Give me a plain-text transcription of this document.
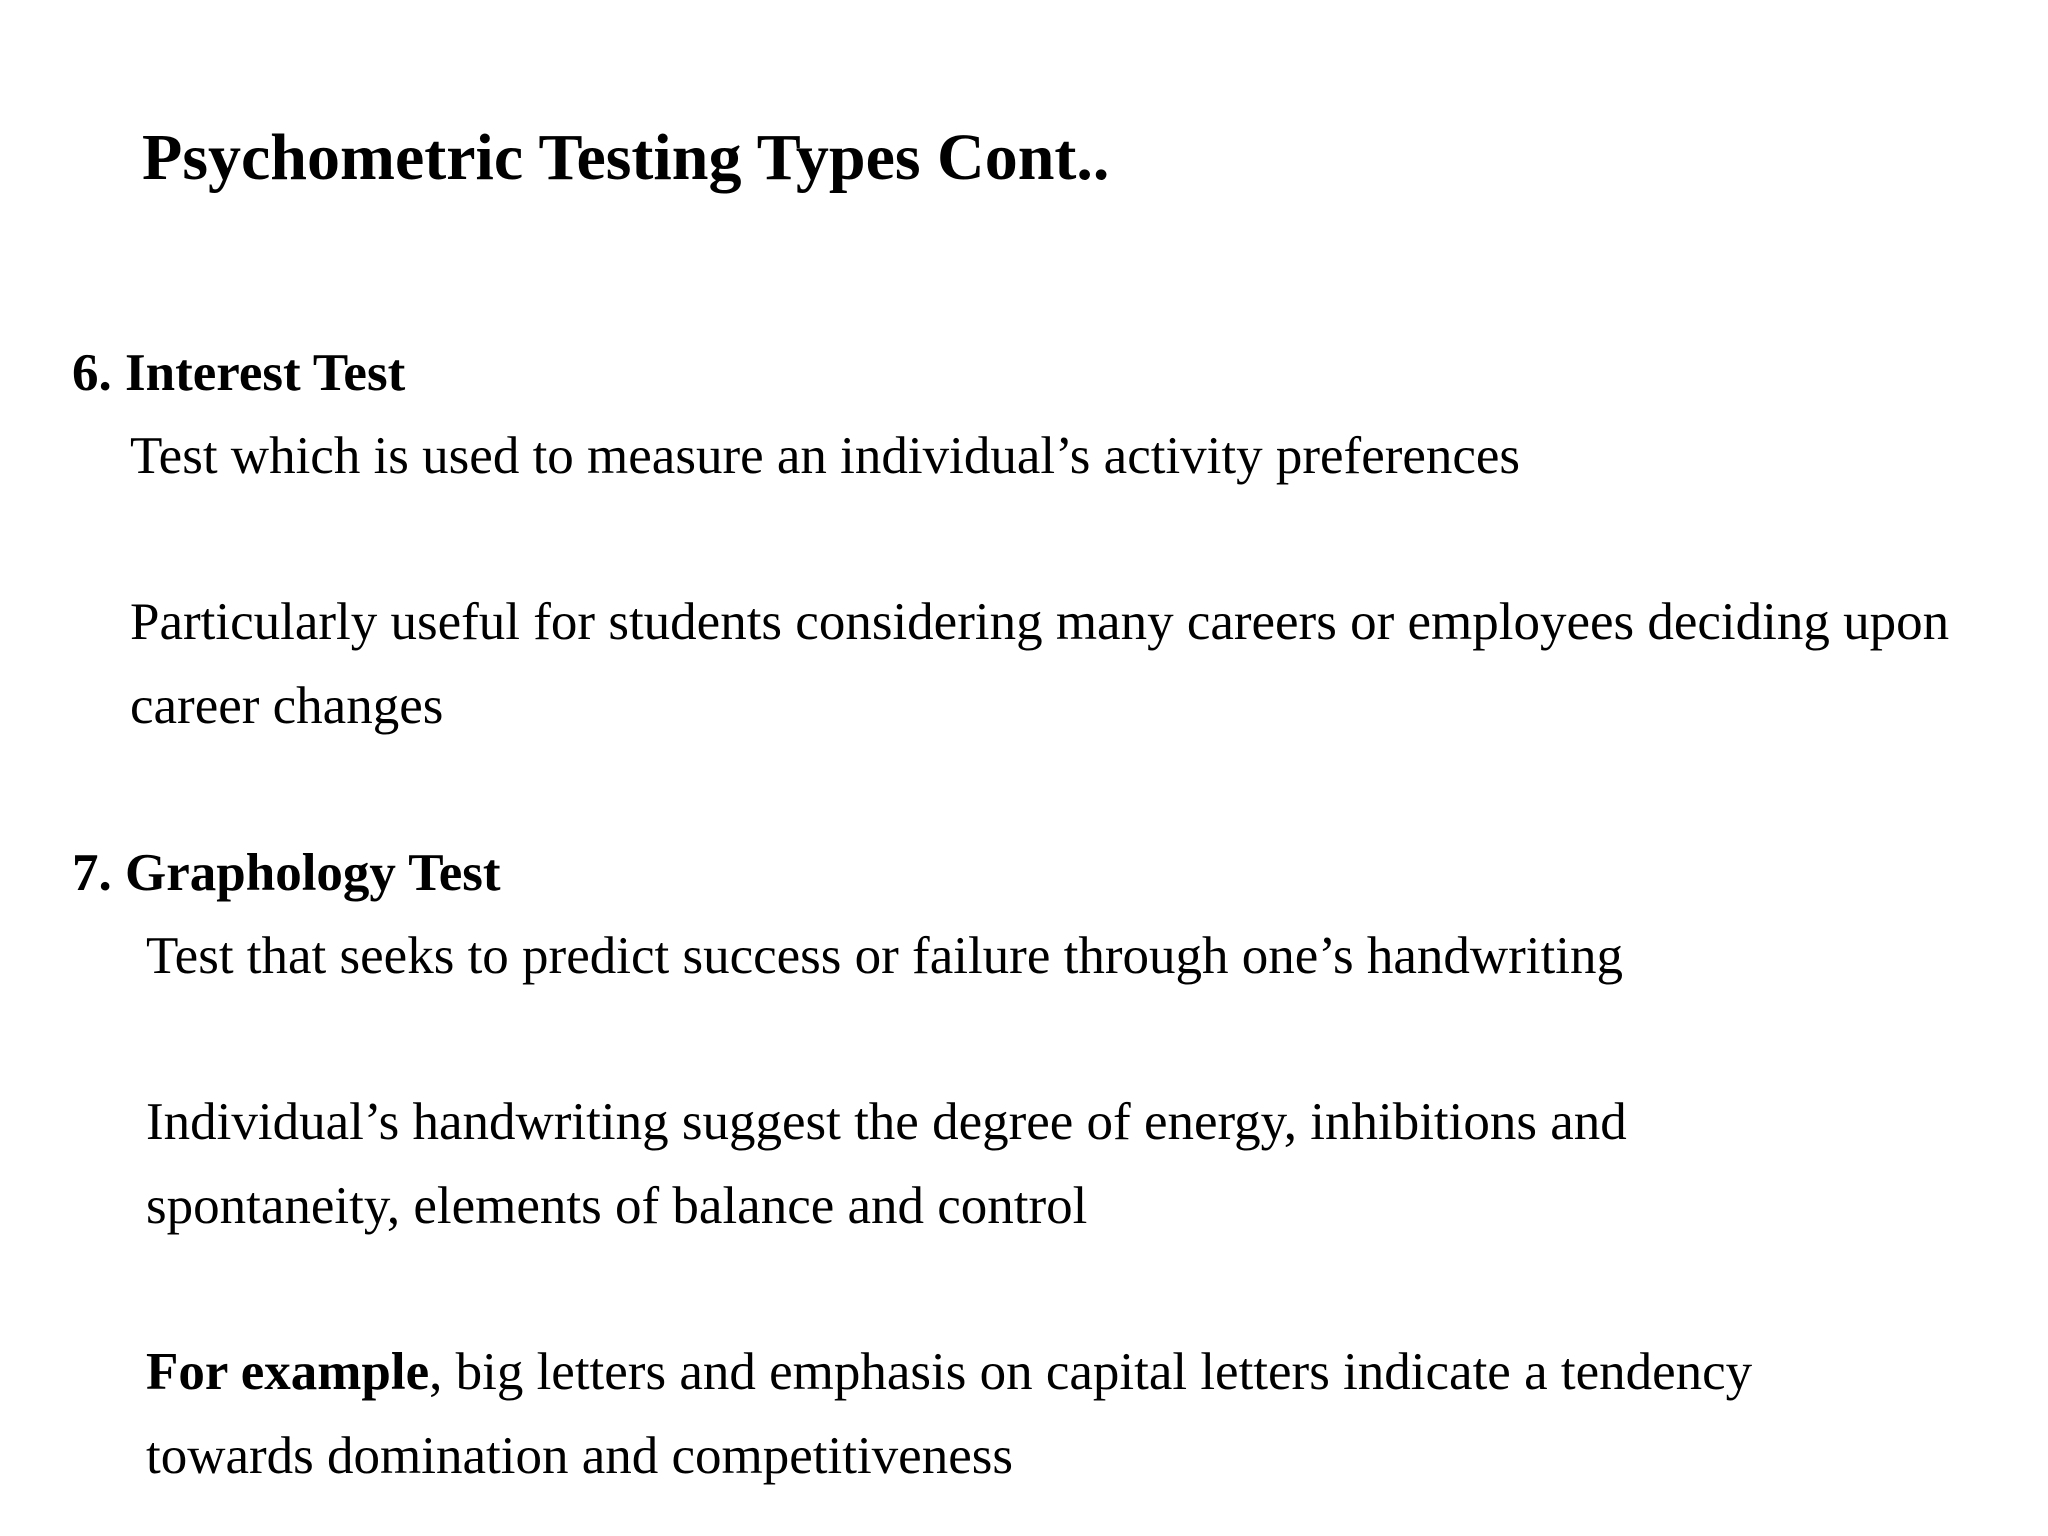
Psychometric Testing Types Cont..
6. Interest Test

Test which is used to measure an individual’s activity preferences

Particularly useful for students considering many careers or employees deciding upon career changes

7. Graphology Test

Test that seeks to predict success or failure through one’s handwriting

Individual’s handwriting suggest the degree of energy, inhibitions and spontaneity, elements of balance and control

For example, big letters and emphasis on capital letters indicate a tendency towards domination and competitiveness
